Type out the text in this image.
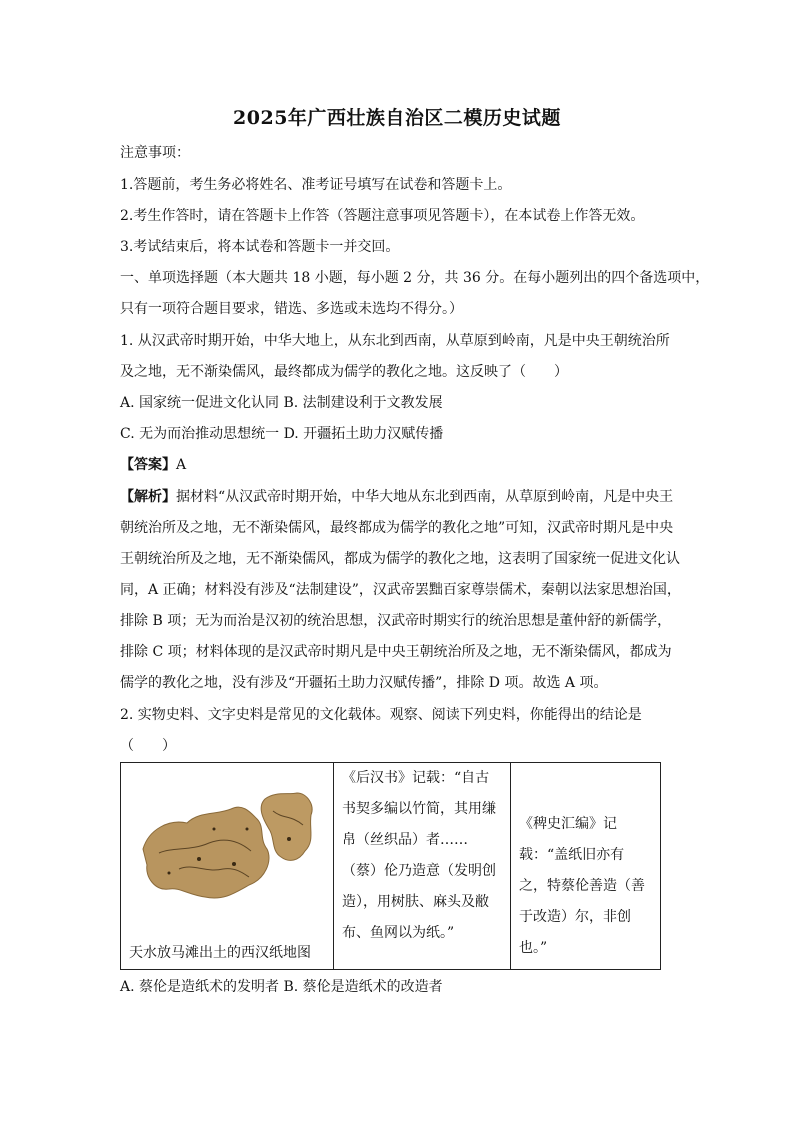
2025年广西壮族自治区二模历史试题
注意事项：
1.答题前，考生务必将姓名、准考证号填写在试卷和答题卡上。
2.考生作答时，请在答题卡上作答（答题注意事项见答题卡），在本试卷上作答无效。
3.考试结束后，将本试卷和答题卡一并交回。
一、单项选择题（本大题共 18 小题，每小题 2 分，共 36 分。在每小题列出的四个备选项中，
只有一项符合题目要求，错选、多选或未选均不得分。）
1. 从汉武帝时期开始，中华大地上，从东北到西南，从草原到岭南，凡是中央王朝统治所
及之地，无不渐染儒风，最终都成为儒学的教化之地。这反映了（　　）
A. 国家统一促进文化认同 B. 法制建设利于文教发展
C. 无为而治推动思想统一 D. 开疆拓土助力汉赋传播
【答案】A
【解析】据材料“从汉武帝时期开始，中华大地从东北到西南，从草原到岭南，凡是中央王
朝统治所及之地，无不渐染儒风，最终都成为儒学的教化之地”可知，汉武帝时期凡是中央
王朝统治所及之地，无不渐染儒风，都成为儒学的教化之地，这表明了国家统一促进文化认
同，A 正确；材料没有涉及“法制建设”，汉武帝罢黜百家尊崇儒术，秦朝以法家思想治国，
排除 B 项；无为而治是汉初的统治思想，汉武帝时期实行的统治思想是董仲舒的新儒学，
排除 C 项；材料体现的是汉武帝时期凡是中央王朝统治所及之地，无不渐染儒风，都成为
儒学的教化之地，没有涉及“开疆拓土助力汉赋传播”，排除 D 项。故选 A 项。
2. 实物史料、文字史料是常见的文化载体。观察、阅读下列史料，你能得出的结论是
（　　）
天水放马滩出土的西汉纸地图
	《后汉书》记载：“自古书契多编以竹简，其用缣帛（丝织品）者……（蔡）伦乃造意（发明创造），用树肤、麻头及敝布、鱼网以为纸。”	《稗史汇编》记载：“盖纸旧亦有之，特蔡伦善造（善于改造）尔，非创也。”
A. 蔡伦是造纸术的发明者 B. 蔡伦是造纸术的改造者
